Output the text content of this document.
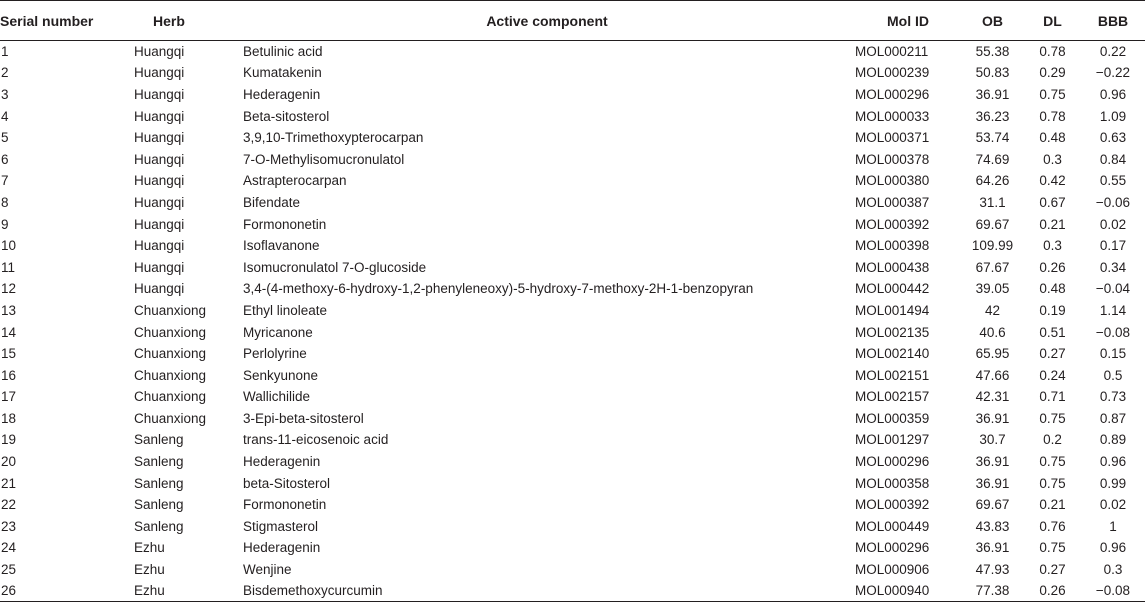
Serial number	Herb	Active component	Mol ID	OB	DL	BBB
1	Huangqi	Betulinic acid	MOL000211	55.38	0.78	0.22
2	Huangqi	Kumatakenin	MOL000239	50.83	0.29	−0.22
3	Huangqi	Hederagenin	MOL000296	36.91	0.75	0.96
4	Huangqi	Beta-sitosterol	MOL000033	36.23	0.78	1.09
5	Huangqi	3,9,10-Trimethoxypterocarpan	MOL000371	53.74	0.48	0.63
6	Huangqi	7-O-Methylisomucronulatol	MOL000378	74.69	0.3	0.84
7	Huangqi	Astrapterocarpan	MOL000380	64.26	0.42	0.55
8	Huangqi	Bifendate	MOL000387	31.1	0.67	−0.06
9	Huangqi	Formononetin	MOL000392	69.67	0.21	0.02
10	Huangqi	Isoflavanone	MOL000398	109.99	0.3	0.17
11	Huangqi	Isomucronulatol 7-O-glucoside	MOL000438	67.67	0.26	0.34
12	Huangqi	3,4-(4-methoxy-6-hydroxy-1,2-phenyleneoxy)-5-hydroxy-7-methoxy-2H-1-benzopyran	MOL000442	39.05	0.48	−0.04
13	Chuanxiong	Ethyl linoleate	MOL001494	42	0.19	1.14
14	Chuanxiong	Myricanone	MOL002135	40.6	0.51	−0.08
15	Chuanxiong	Perlolyrine	MOL002140	65.95	0.27	0.15
16	Chuanxiong	Senkyunone	MOL002151	47.66	0.24	0.5
17	Chuanxiong	Wallichilide	MOL002157	42.31	0.71	0.73
18	Chuanxiong	3-Epi-beta-sitosterol	MOL000359	36.91	0.75	0.87
19	Sanleng	trans-11-eicosenoic acid	MOL001297	30.7	0.2	0.89
20	Sanleng	Hederagenin	MOL000296	36.91	0.75	0.96
21	Sanleng	beta-Sitosterol	MOL000358	36.91	0.75	0.99
22	Sanleng	Formononetin	MOL000392	69.67	0.21	0.02
23	Sanleng	Stigmasterol	MOL000449	43.83	0.76	1
24	Ezhu	Hederagenin	MOL000296	36.91	0.75	0.96
25	Ezhu	Wenjine	MOL000906	47.93	0.27	0.3
26	Ezhu	Bisdemethoxycurcumin	MOL000940	77.38	0.26	−0.08
